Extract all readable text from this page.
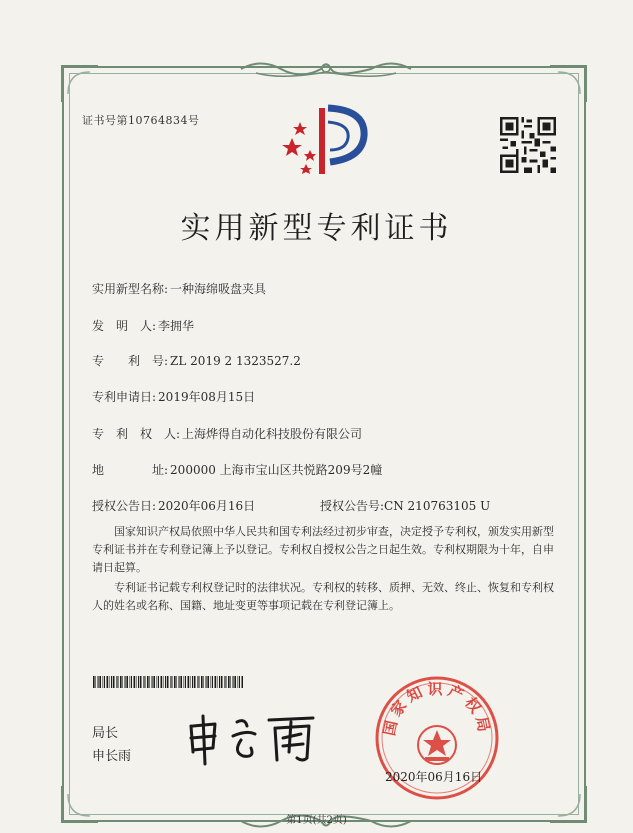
证书号第10764834号
实用新型专利证书
实用新型名称: 一种海绵吸盘夹具
发　明　人: 李拥华
专　　利　号: ZL 2019 2 1323527.2
专利申请日: 2019年08月15日
专　利　权　人: 上海烨得自动化科技股份有限公司
地　　　　址: 200000 上海市宝山区共悦路209号2幢
授权公告日: 2020年06月16日	授权公告号:CN 210763105 U
国家知识产权局依照中华人民共和国专利法经过初步审查，决定授予专利权，颁发实用新型专利证书并在专利登记簿上予以登记。专利权自授权公告之日起生效。专利权期限为十年，自申请日起算。
专利证书记载专利权登记时的法律状况。专利权的转移、质押、无效、终止、恢复和专利权人的姓名或名称、国籍、地址变更等事项记载在专利登记簿上。
局长
申长雨
国家知识产权局
2020年06月16日
第1页(共2页)
